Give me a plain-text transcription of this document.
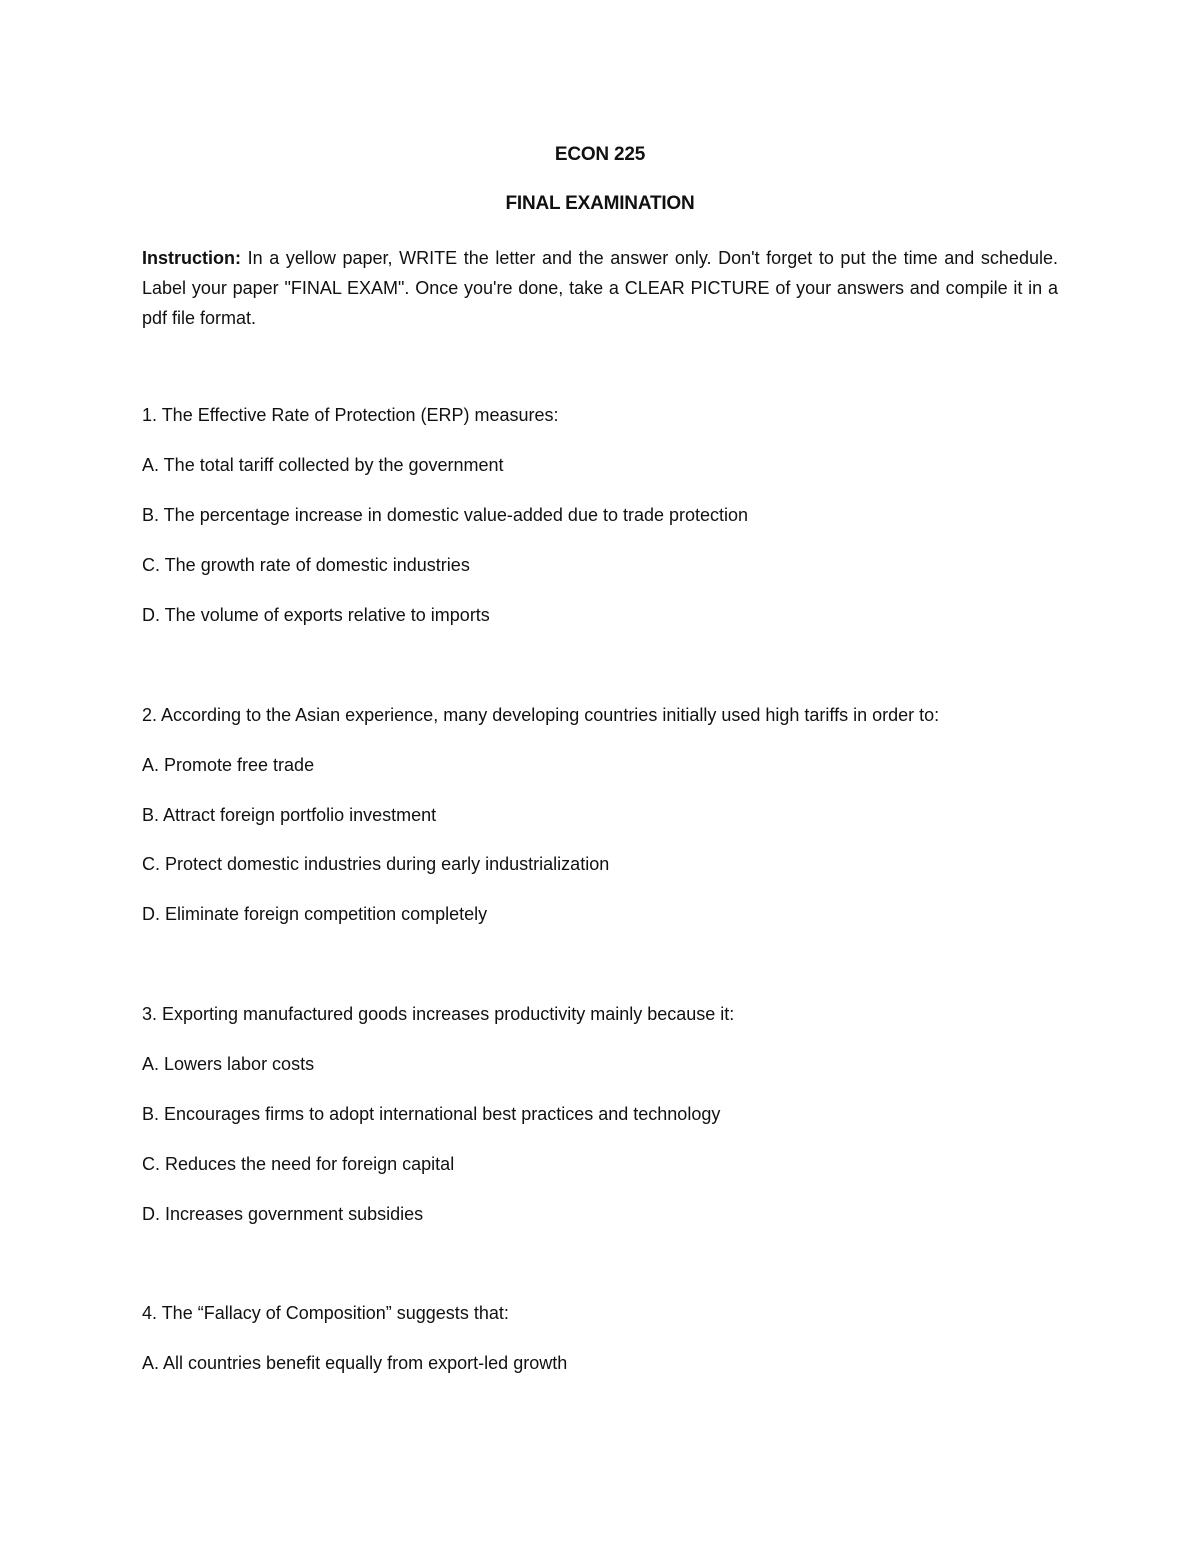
ECON 225
FINAL EXAMINATION
Instruction: In a yellow paper, WRITE the letter and the answer only. Don't forget to put the time and schedule. Label your paper "FINAL EXAM". Once you're done, take a CLEAR PICTURE of your answers and compile it in a pdf file format.
1. The Effective Rate of Protection (ERP) measures:
A. The total tariff collected by the government
B. The percentage increase in domestic value-added due to trade protection
C. The growth rate of domestic industries
D. The volume of exports relative to imports
2. According to the Asian experience, many developing countries initially used high tariffs in order to:
A. Promote free trade
B. Attract foreign portfolio investment
C. Protect domestic industries during early industrialization
D. Eliminate foreign competition completely
3. Exporting manufactured goods increases productivity mainly because it:
A. Lowers labor costs
B. Encourages firms to adopt international best practices and technology
C. Reduces the need for foreign capital
D. Increases government subsidies
4. The “Fallacy of Composition” suggests that:
A. All countries benefit equally from export-led growth
